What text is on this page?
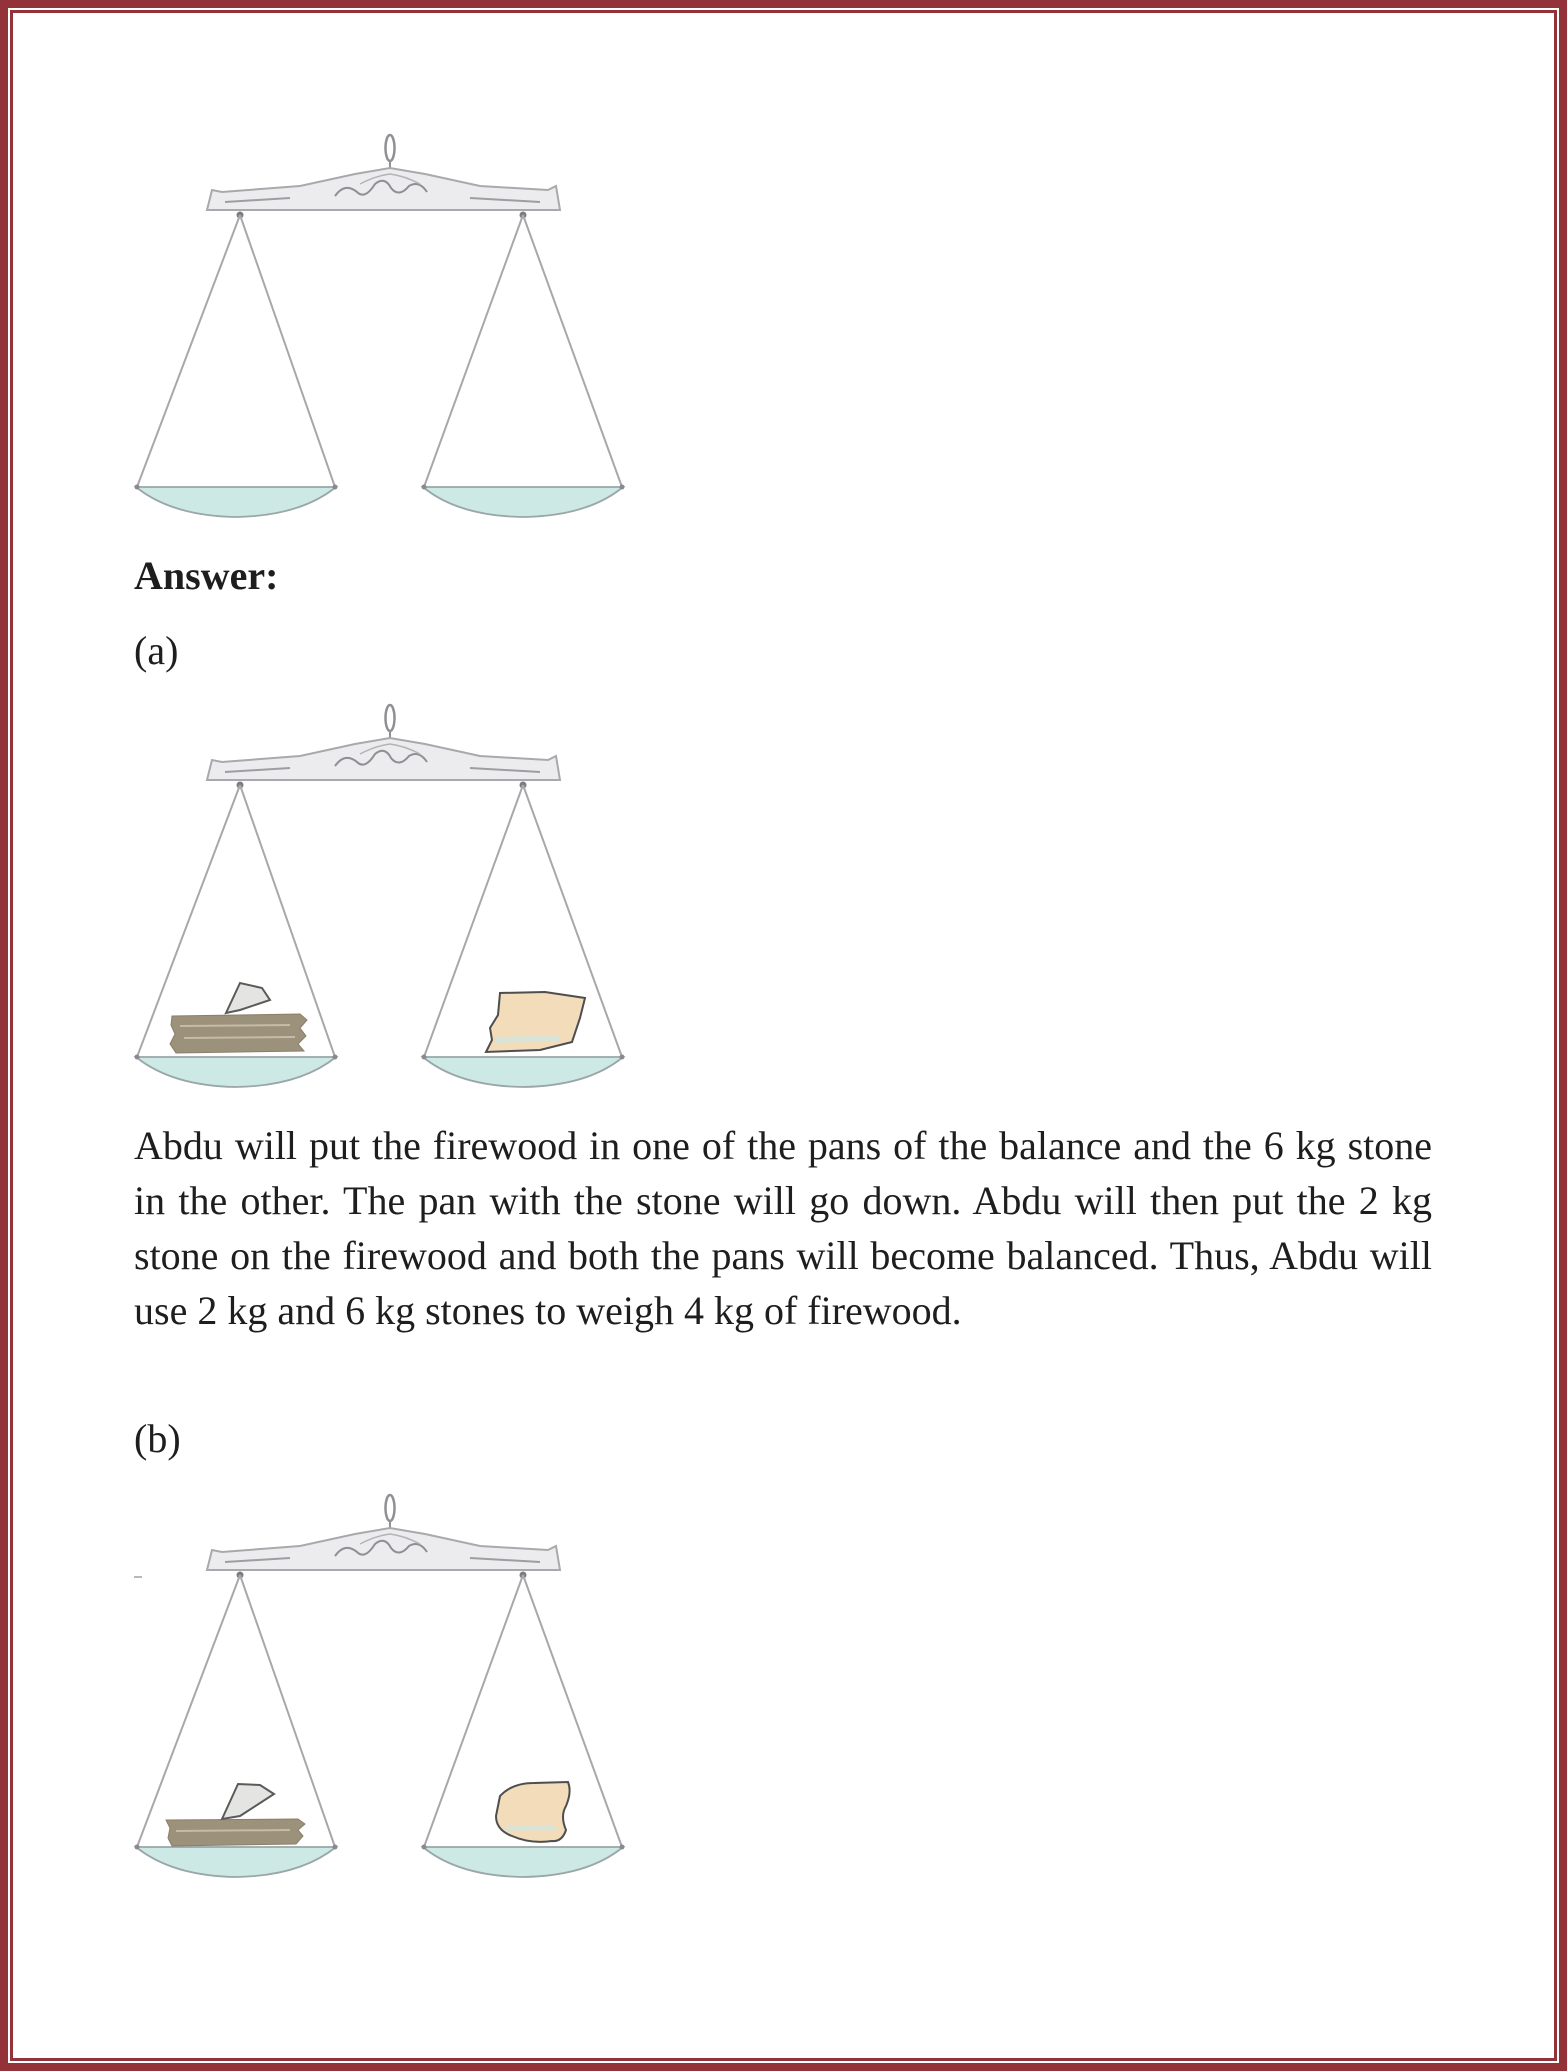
Answer:

(a)

Abdu will put the firewood in one of the pans of the balance and the 6 kg stone in the other. The pan with the stone will go down. Abdu will then put the 2 kg stone on the firewood and both the pans will become balanced. Thus, Abdu will use 2 kg and 6 kg stones to weigh 4 kg of firewood.

(b)
